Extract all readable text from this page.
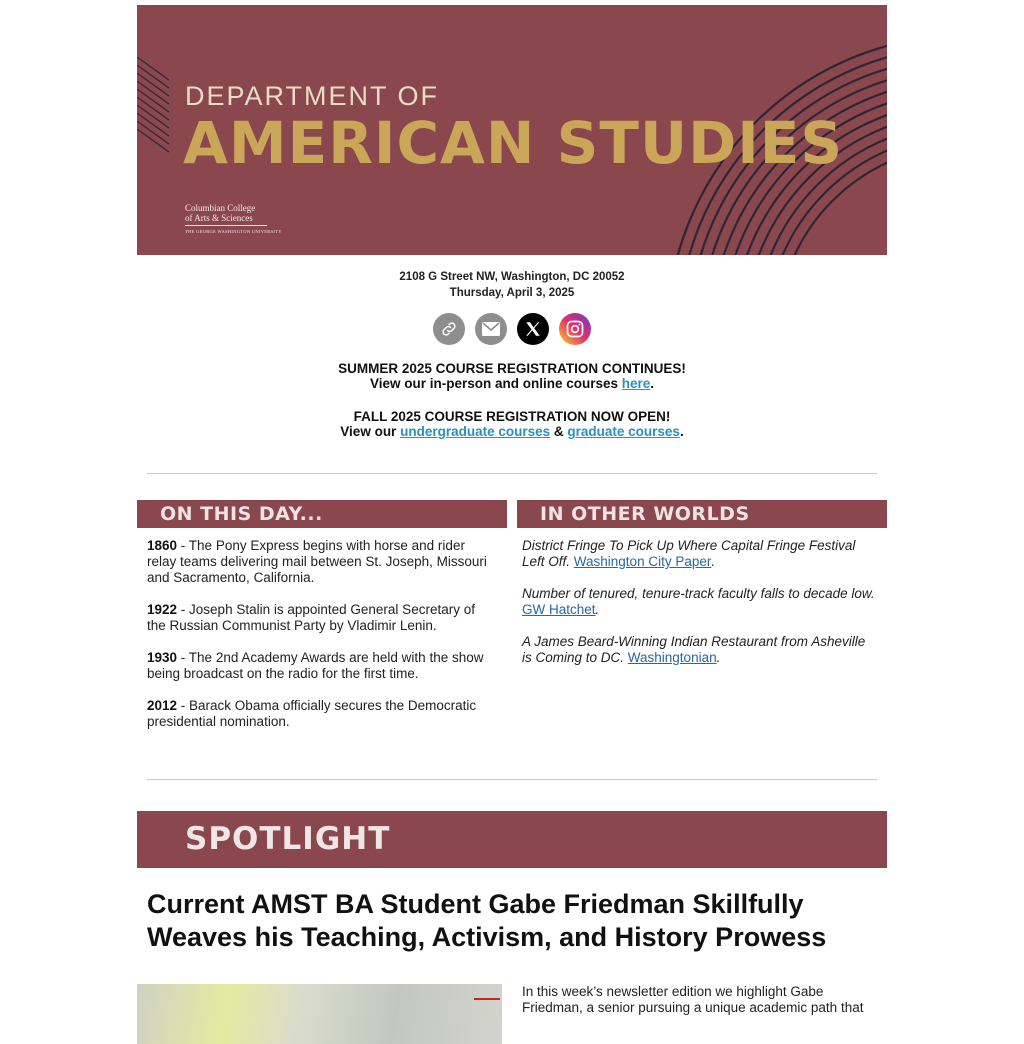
DEPARTMENT OF
AMERICAN STUDIES
Columbian College
of Arts & Sciences
THE GEORGE WASHINGTON UNIVERSITY
2108 G Street NW, Washington, DC 20052
Thursday, April 3, 2025
SUMMER 2025 COURSE REGISTRATION CONTINUES!
View our in-person and online courses here.
FALL 2025 COURSE REGISTRATION NOW OPEN!
View our undergraduate courses & graduate courses.
ON THIS DAY...

1860 - The Pony Express begins with horse and rider relay teams delivering mail between St. Joseph, Missouri and Sacramento, California.

1922 - Joseph Stalin is appointed General Secretary of the Russian Communist Party by Vladimir Lenin.

1930 - The 2nd Academy Awards are held with the show being broadcast on the radio for the first time.

2012 - Barack Obama officially secures the Democratic presidential nomination.

IN OTHER WORLDS

District Fringe To Pick Up Where Capital Fringe Festival Left Off. Washington City Paper.

Number of tenured, tenure-track faculty falls to decade low. GW Hatchet.

A James Beard-Winning Indian Restaurant from Asheville is Coming to DC. Washingtonian.

SPOTLIGHT
Current AMST BA Student Gabe Friedman Skillfully Weaves his Teaching, Activism, and History Prowess
In this week’s newsletter edition we highlight Gabe Friedman, a senior pursuing a unique academic path that
